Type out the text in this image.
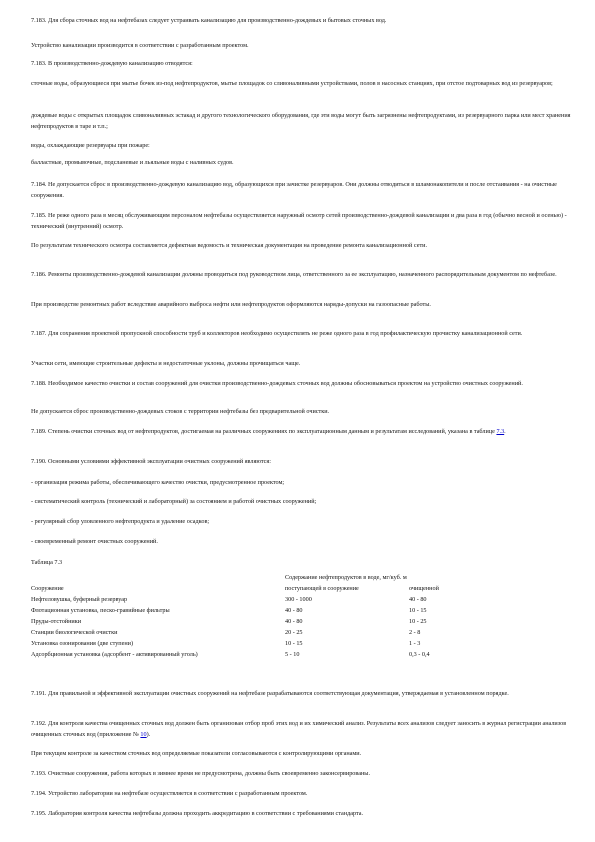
7.183. Для сбора сточных вод на нефтебазах следует устраивать канализацию для производственно-дождевых и бытовых сточных вод.

Устройство канализации производится в соответствии с разработанным проектом.

7.183. В производственно-дождевую канализацию отводятся:

сточные воды, образующиеся при мытье бочек из-под нефтепродуктов, мытье площадок со сливоналивными устройствами, полов в насосных станциях, при отстое подтоварных вод из резервуаров;

дождевые воды с открытых площадок сливоналивных эстакад и другого технологического оборудования, где эти воды могут быть загрязнены нефтепродуктами, из резервуарного парка или мест хранения нефтепродуктов в таре и т.п.;

воды, охлаждающие резервуары при пожаре:

балластные, промывочные, подсланевые и льяльные воды с наливных судов.

7.184. Не допускается сброс в производственно-дождевую канализацию вод, образующихся при зачистке резервуаров. Они должны отводиться в шламонакопители и после отстаивания - на очистные сооружения.

7.185. Не реже одного раза в месяц обслуживающим персоналом нефтебазы осуществляется наружный осмотр сетей производственно-дождевой канализации и два раза в год (обычно весной и осенью) - технический (внутренний) осмотр.

По результатам технического осмотра составляется дефектная ведомость и техническая документация на проведение ремонта канализационной сети.

7.186. Ремонты производственно-дождевой канализации должны проводиться под руководством лица, ответственного за ее эксплуатацию, назначенного распорядительным документом по нефтебазе.

При производстве ремонтных работ вследствие аварийного выброса нефти или нефтепродуктов оформляются наряды-допуски на газоопасные работы.

7.187. Для сохранения проектной пропускной способности труб и коллекторов необходимо осуществлять не реже одного раза в год профилактическую прочистку канализационной сети.

Участки сети, имеющие строительные дефекты и недостаточные уклоны, должны прочищаться чаще.

7.188. Необходимое качество очистки и состав сооружений для очистки производственно-дождевых сточных вод должны обосновываться проектом на устройство очистных сооружений.

Не допускается сброс производственно-дождевых стоков с территории нефтебазы без предварительной очистки.

7.189. Степень очистки сточных вод от нефтепродуктов, достигаемая на различных сооружениях по эксплуатационным данным и результатам исследований, указана в таблице 7.3.

7.190. Основными условиями эффективной эксплуатации очистных сооружений являются:

- организация режима работы, обеспечивающего качество очистки, предусмотренное проектом;

- систематический контроль (технический и лабораторный) за состоянием и работой очистных сооружений;

- регулярный сбор уловленного нефтепродукта и удаление осадков;

- своевременный ремонт очистных сооружений.

Таблица 7.3

Сооружение	Содержание нефтепродуктов в воде, мг/куб. м	
	поступающей в сооружение	очищенной
Нефтеловушка, буферный резервуар	300 - 1000	40 - 80
Флотационная установка, песко-гравийные фильтры	40 - 80	10 - 15
Пруды-отстойники	40 - 80	10 - 25
Станции биологической очистки	20 - 25	2 - 8
Установка озонирования (две ступени)	10 - 15	1 - 3
Адсорбционная установка (адсорбент - активированный уголь)	5 - 10	0,3 - 0,4

7.191. Для правильной и эффективной эксплуатации очистных сооружений на нефтебазе разрабатываются соответствующая документация, утверждаемая в установленном порядке.

7.192. Для контроля качества очищенных сточных вод должен быть организован отбор проб этих вод и их химический анализ. Результаты всех анализов следует заносить в журнал регистрации анализов очищенных сточных вод (приложение № 10).

При текущем контроле за качеством сточных вод определяемые показатели согласовываются с контролирующими органами.

7.193. Очистные сооружения, работа которых в зимнее время не предусмотрена, должны быть своевременно законсервированы.

7.194. Устройство лаборатории на нефтебазе осуществляется в соответствии с разработанным проектом.

7.195. Лаборатория контроля качества нефтебазы должна проходить аккредитацию в соответствии с требованиями стандарта.
